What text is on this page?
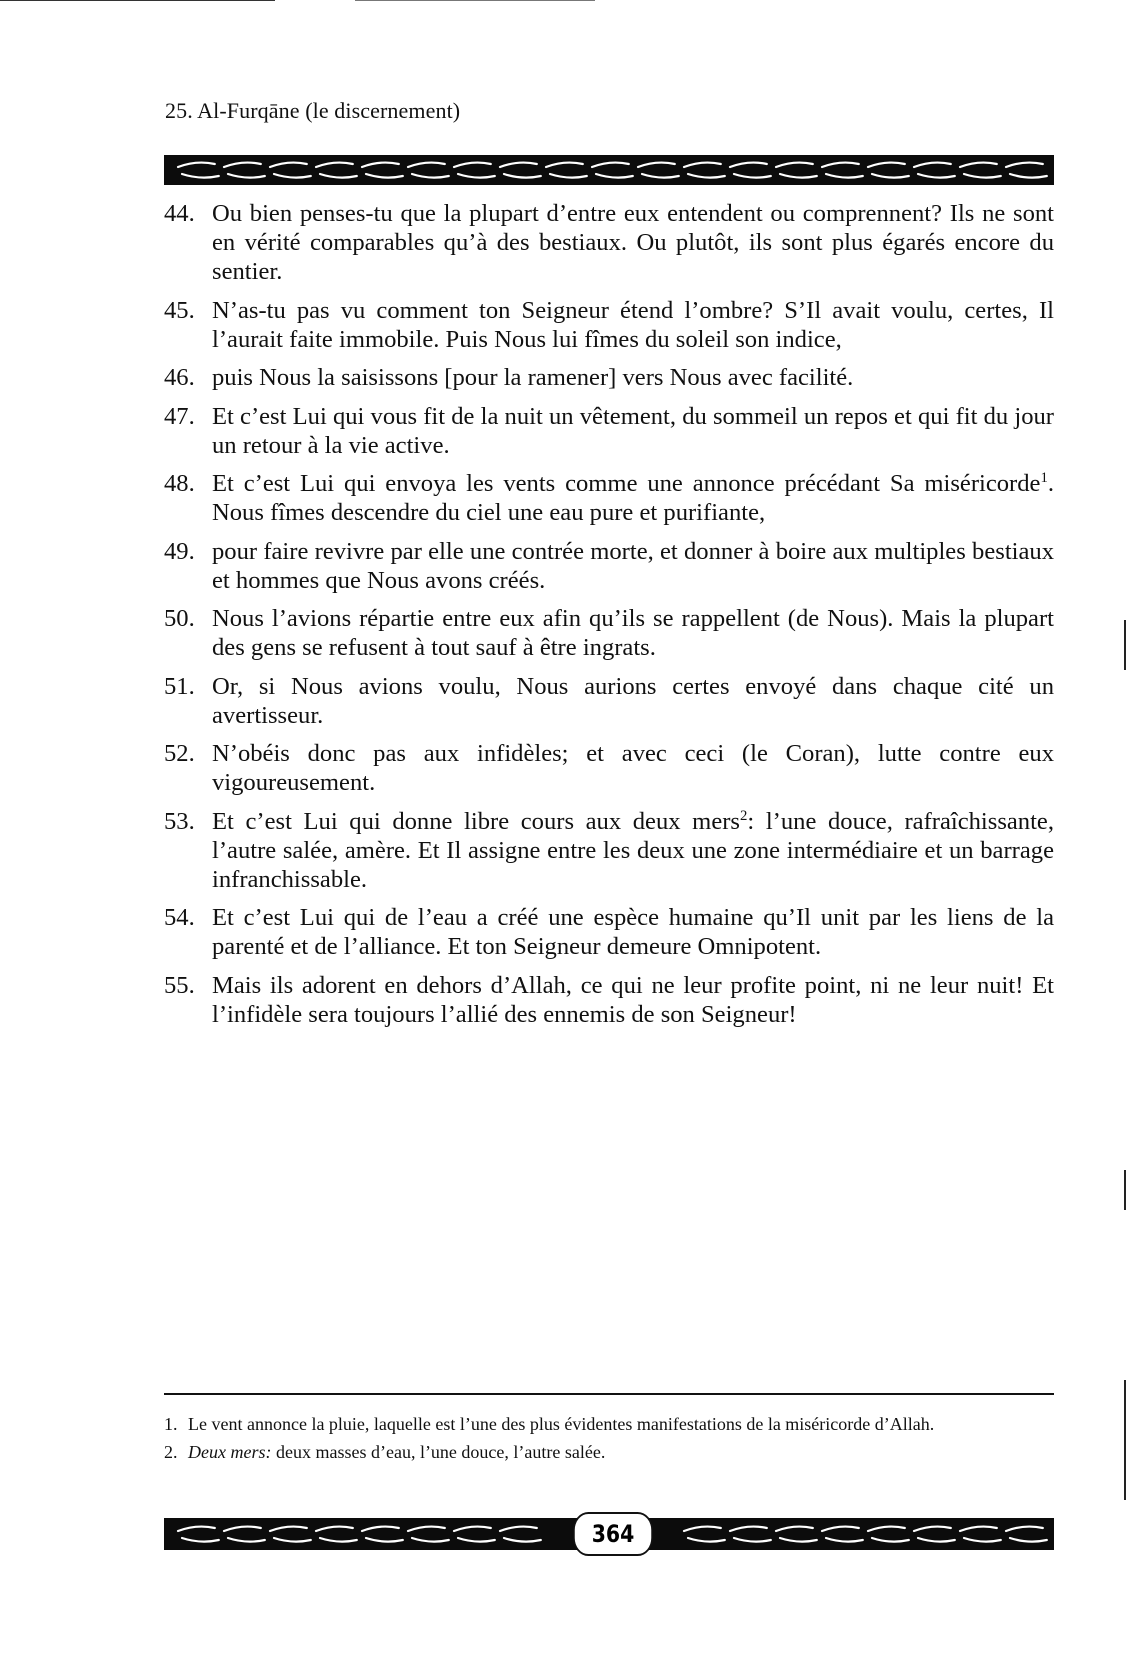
25. Al-Furqāne (le discernement)
44. Ou bien penses-tu que la plupart d’entre eux entendent ou comprennent? Ils ne sont en vérité comparables qu’à des bestiaux. Ou plutôt, ils sont plus égarés encore du sentier.
45. N’as-tu pas vu comment ton Seigneur étend l’ombre? S’Il avait voulu, certes, Il l’aurait faite immobile. Puis Nous lui fîmes du soleil son indice,
46. puis Nous la saisissons [pour la ramener] vers Nous avec facilité.
47. Et c’est Lui qui vous fit de la nuit un vêtement, du sommeil un repos et qui fit du jour un retour à la vie active.
48. Et c’est Lui qui envoya les vents comme une annonce précédant Sa miséricorde$^1$. Nous fîmes descendre du ciel une eau pure et purifiante,
49. pour faire revivre par elle une contrée morte, et donner à boire aux multiples bestiaux et hommes que Nous avons créés.
50. Nous l’avions répartie entre eux afin qu’ils se rappellent (de Nous). Mais la plupart des gens se refusent à tout sauf à être ingrats.
51. Or, si Nous avions voulu, Nous aurions certes envoyé dans chaque cité un avertisseur.
52. N’obéis donc pas aux infidèles; et avec ceci (le Coran), lutte contre eux vigoureusement.
53. Et c’est Lui qui donne libre cours aux deux mers$^2$: l’une douce, rafraîchissante, l’autre salée, amère. Et Il assigne entre les deux une zone intermédiaire et un barrage infranchissable.
54. Et c’est Lui qui de l’eau a créé une espèce humaine qu’Il unit par les liens de la parenté et de l’alliance. Et ton Seigneur demeure Omnipotent.
55. Mais ils adorent en dehors d’Allah, ce qui ne leur profite point, ni ne leur nuit! Et l’infidèle sera toujours l’allié des ennemis de son Seigneur!
1. Le vent annonce la pluie, laquelle est l’une des plus évidentes manifestations de la miséricorde d’Allah.
2. Deux mers: deux masses d’eau, l’une douce, l’autre salée.
364
